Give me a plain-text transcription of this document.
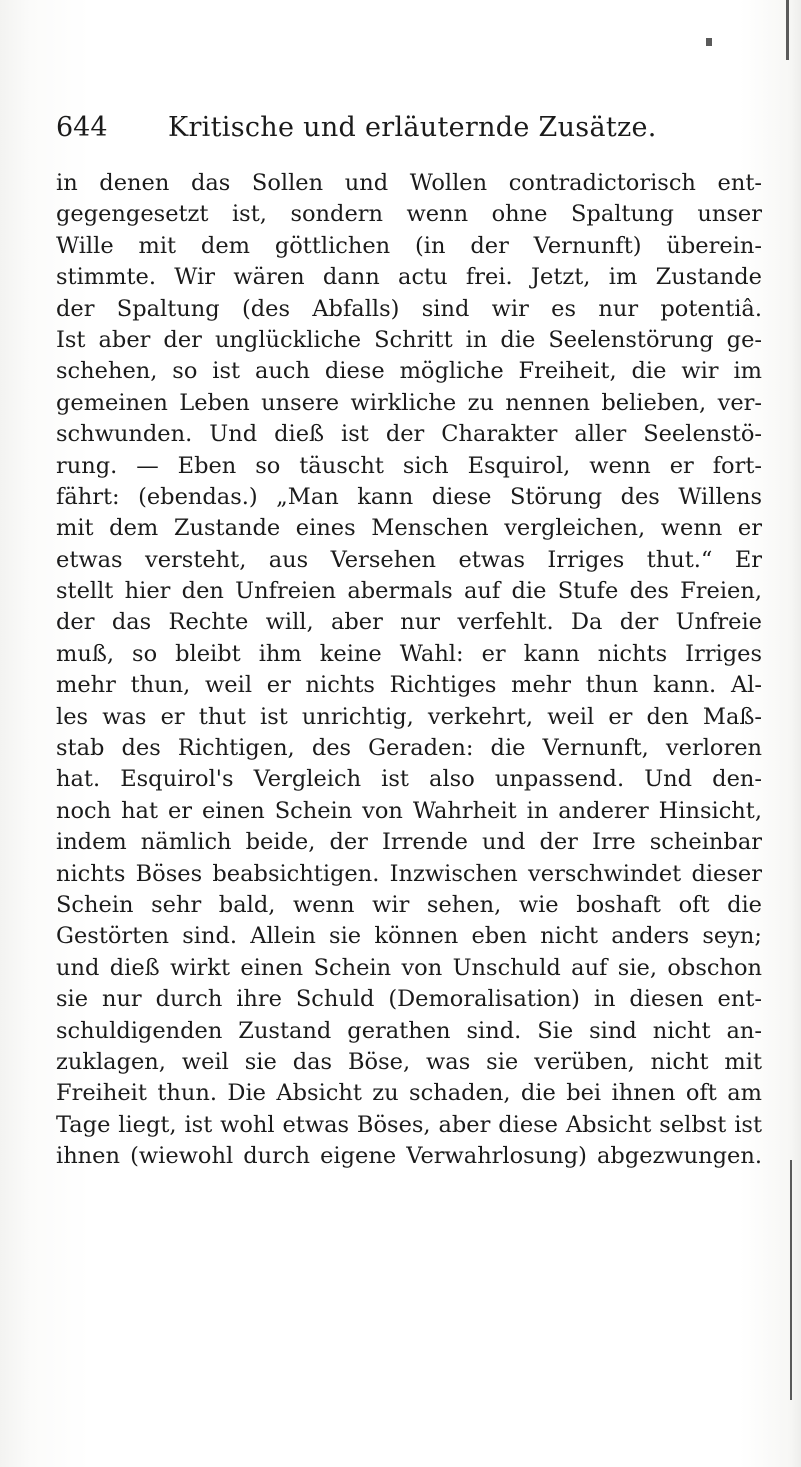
644 Kritische und erläuternde Zusätze.
in denen das Sollen und Wollen contradictorisch ent-
gegengesetzt ist, sondern wenn ohne Spaltung unser
Wille mit dem göttlichen (in der Vernunft) überein-
stimmte. Wir wären dann actu frei. Jetzt, im Zustande
der Spaltung (des Abfalls) sind wir es nur potentiâ.
Ist aber der unglückliche Schritt in die Seelenstörung ge-
schehen, so ist auch diese mögliche Freiheit, die wir im
gemeinen Leben unsere wirkliche zu nennen belieben, ver-
schwunden. Und dieß ist der Charakter aller Seelenstö-
rung. — Eben so täuscht sich Esquirol, wenn er fort-
fährt: (ebendas.) „Man kann diese Störung des Willens
mit dem Zustande eines Menschen vergleichen, wenn er
etwas versteht, aus Versehen etwas Irriges thut.“ Er
stellt hier den Unfreien abermals auf die Stufe des Freien,
der das Rechte will, aber nur verfehlt. Da der Unfreie
muß, so bleibt ihm keine Wahl: er kann nichts Irriges
mehr thun, weil er nichts Richtiges mehr thun kann. Al-
les was er thut ist unrichtig, verkehrt, weil er den Maß-
stab des Richtigen, des Geraden: die Vernunft, verloren
hat. Esquirol's Vergleich ist also unpassend. Und den-
noch hat er einen Schein von Wahrheit in anderer Hinsicht,
indem nämlich beide, der Irrende und der Irre scheinbar
nichts Böses beabsichtigen. Inzwischen verschwindet dieser
Schein sehr bald, wenn wir sehen, wie boshaft oft die
Gestörten sind. Allein sie können eben nicht anders seyn;
und dieß wirkt einen Schein von Unschuld auf sie, obschon
sie nur durch ihre Schuld (Demoralisation) in diesen ent-
schuldigenden Zustand gerathen sind. Sie sind nicht an-
zuklagen, weil sie das Böse, was sie verüben, nicht mit
Freiheit thun. Die Absicht zu schaden, die bei ihnen oft am
Tage liegt, ist wohl etwas Böses, aber diese Absicht selbst ist
ihnen (wiewohl durch eigene Verwahrlosung) abgezwungen.
